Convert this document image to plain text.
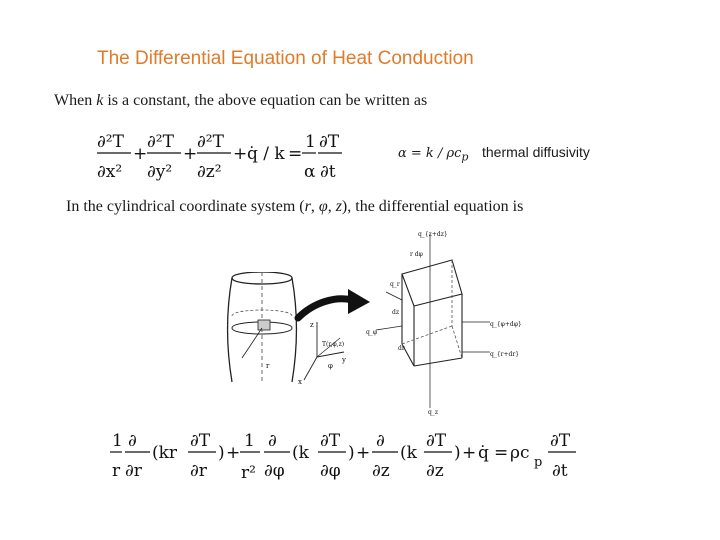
The Differential Equation of Heat Conduction
When k is a constant, the above equation can be written as
∂²T
∂x²
+
∂²T
∂y²
+
∂²T
∂z²
+ q̇ / k =
1
α
∂T
∂t
$\alpha = k / \rho c_p$ thermal diffusivity
In the cylindrical coordinate system (r, φ, z), the differential equation is
z
T(r,φ,z)
x
y
r	φ
q_{z+dz}
q_r
q_{φ+dφ}
q_φ
q_{r+dr}
q_z
r dφ
dz
dr
1
r
∂
∂r
(kr
∂T
∂r
) +
1
r²
∂
∂φ
(k
∂T
∂φ
) +
∂
∂z
(k
∂T
∂z
) + q̇ = ρc p
∂T
∂t
